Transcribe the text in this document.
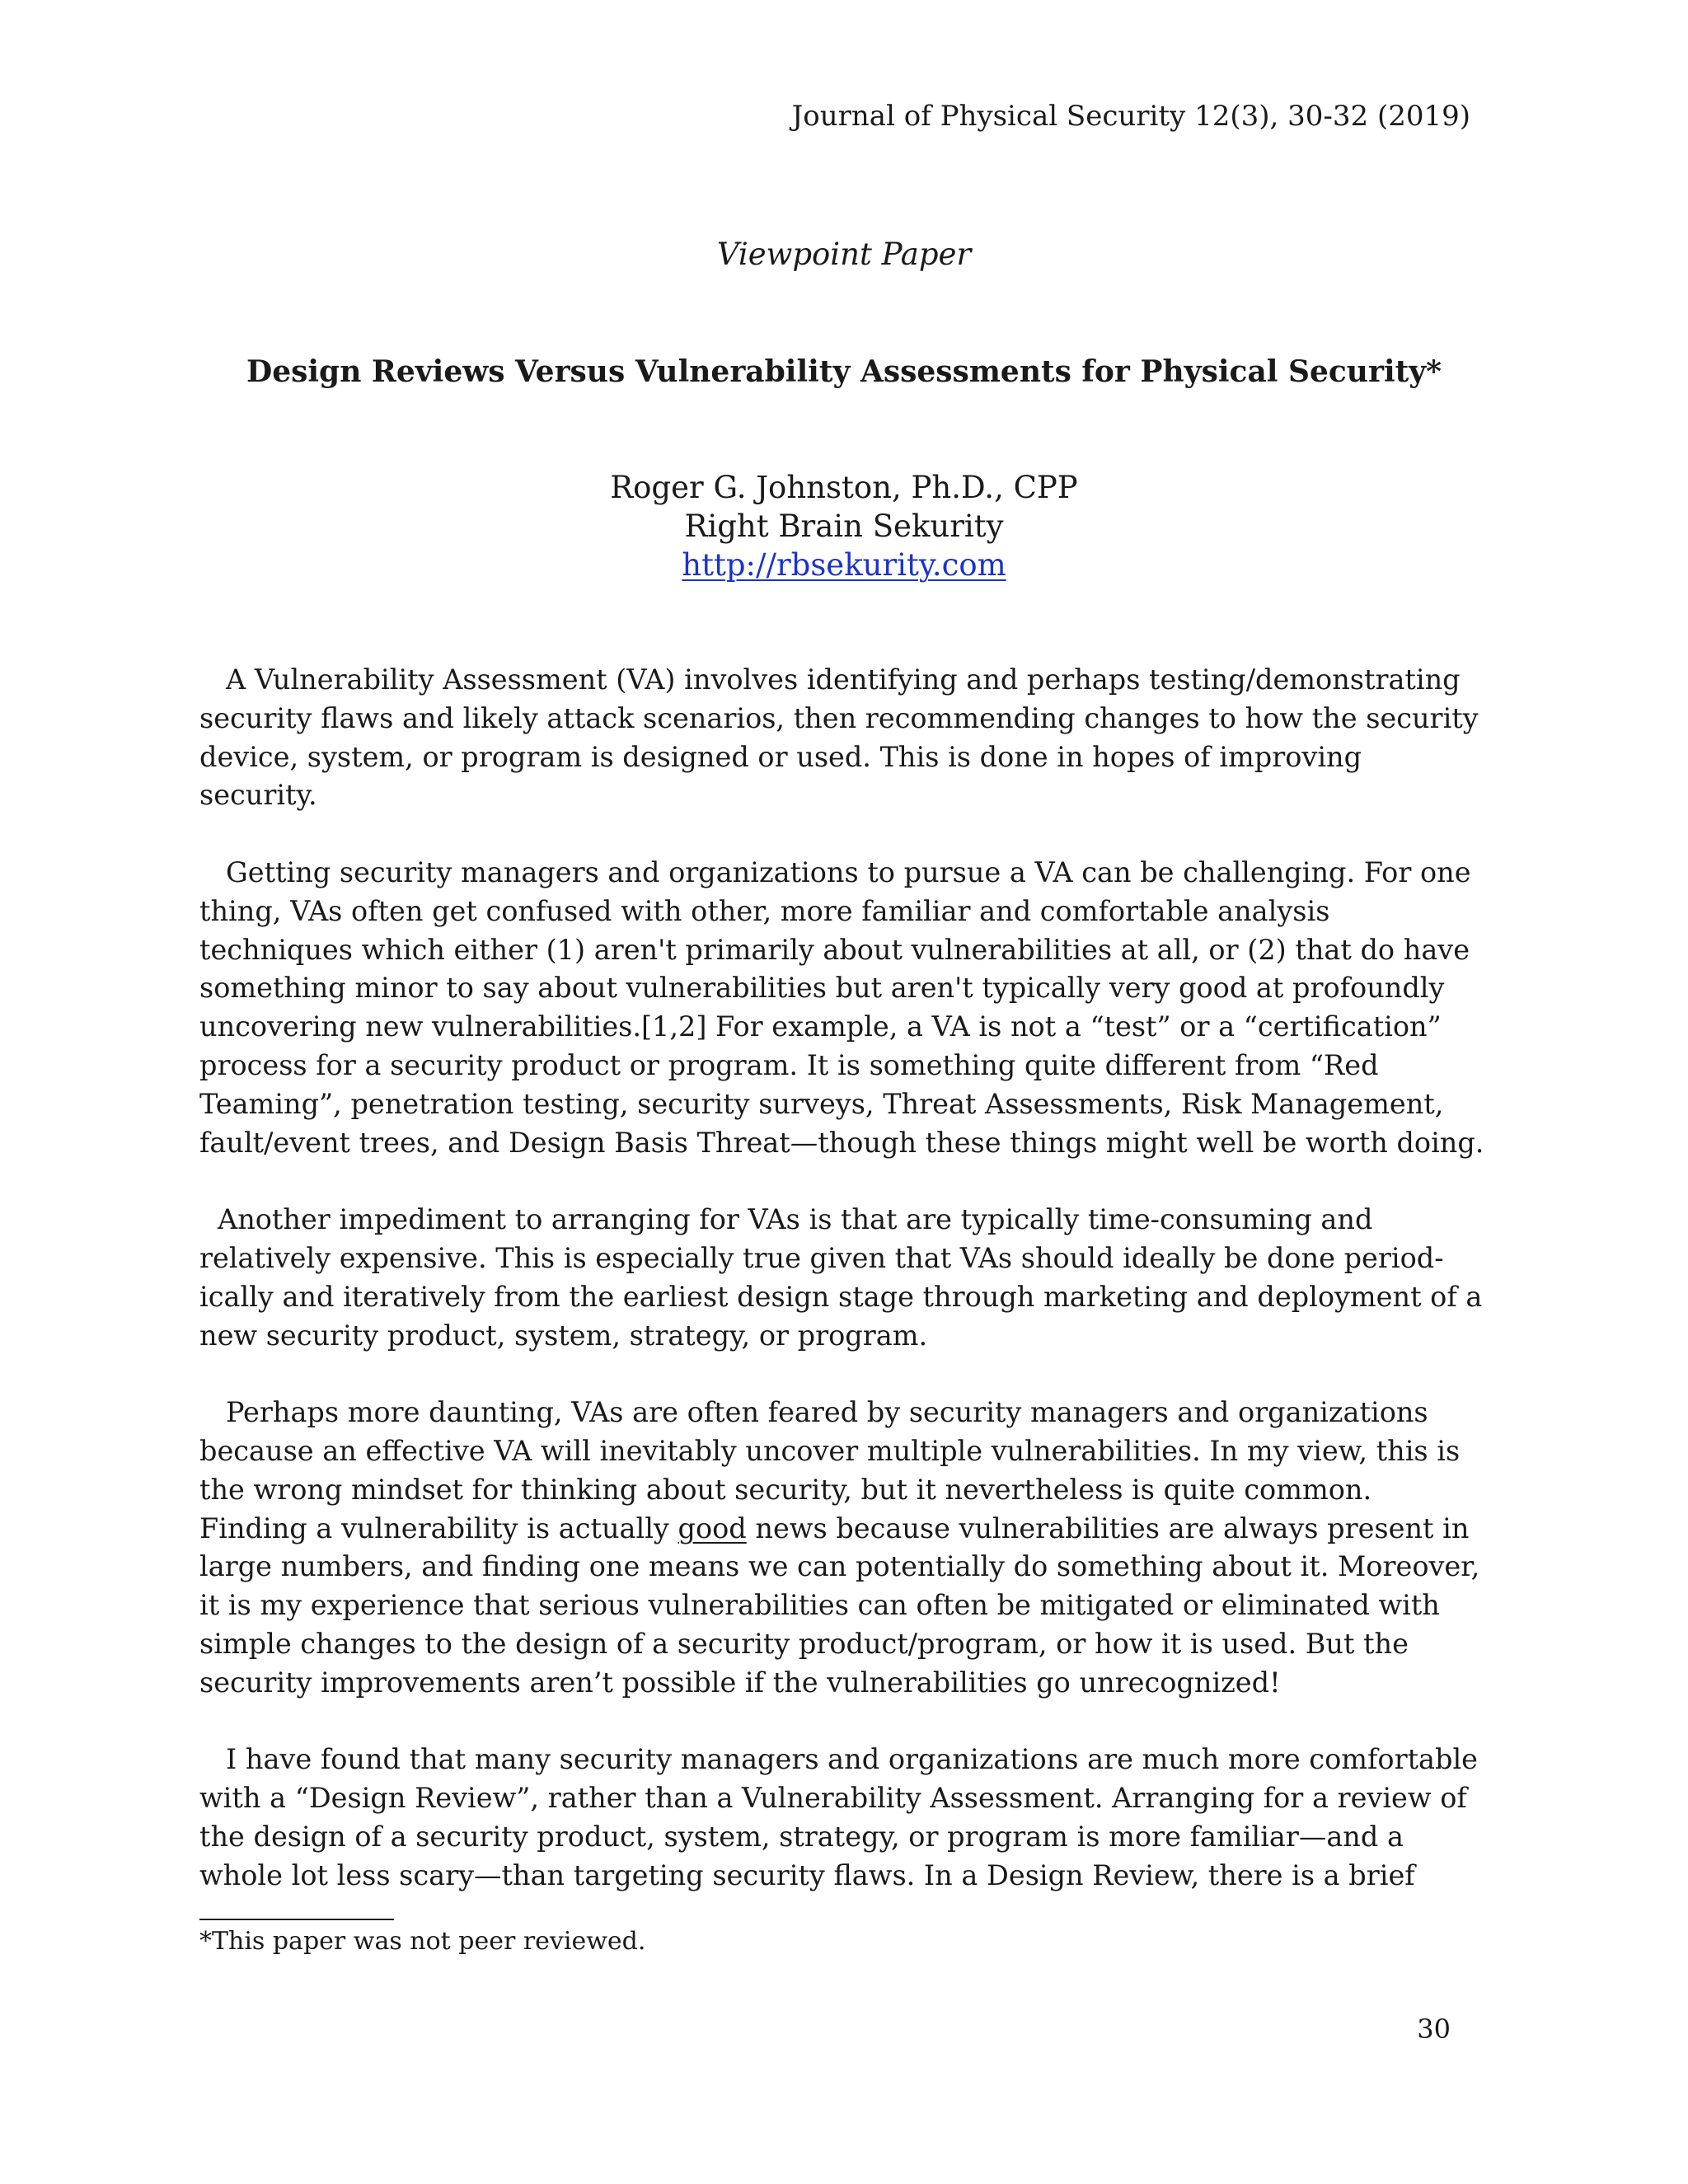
Journal of Physical Security 12(3), 30-32 (2019)
Viewpoint Paper
Design Reviews Versus Vulnerability Assessments for Physical Security*
Roger G. Johnston, Ph.D., CPP
Right Brain Sekurity
http://rbsekurity.com
A Vulnerability Assessment (VA) involves identifying and perhaps testing/demonstrating
security flaws and likely attack scenarios, then recommending changes to how the security
device, system, or program is designed or used. This is done in hopes of improving
security.
Getting security managers and organizations to pursue a VA can be challenging. For one
thing, VAs often get confused with other, more familiar and comfortable analysis
techniques which either (1) aren't primarily about vulnerabilities at all, or (2) that do have
something minor to say about vulnerabilities but aren't typically very good at profoundly
uncovering new vulnerabilities.[1,2] For example, a VA is not a “test” or a “certification”
process for a security product or program. It is something quite different from “Red
Teaming”, penetration testing, security surveys, Threat Assessments, Risk Management,
fault/event trees, and Design Basis Threat—though these things might well be worth doing.
Another impediment to arranging for VAs is that are typically time-consuming and
relatively expensive. This is especially true given that VAs should ideally be done period-
ically and iteratively from the earliest design stage through marketing and deployment of a
new security product, system, strategy, or program.
Perhaps more daunting, VAs are often feared by security managers and organizations
because an effective VA will inevitably uncover multiple vulnerabilities. In my view, this is
the wrong mindset for thinking about security, but it nevertheless is quite common.
Finding a vulnerability is actually good news because vulnerabilities are always present in
large numbers, and finding one means we can potentially do something about it. Moreover,
it is my experience that serious vulnerabilities can often be mitigated or eliminated with
simple changes to the design of a security product/program, or how it is used. But the
security improvements aren’t possible if the vulnerabilities go unrecognized!
I have found that many security managers and organizations are much more comfortable
with a “Design Review”, rather than a Vulnerability Assessment. Arranging for a review of
the design of a security product, system, strategy, or program is more familiar—and a
whole lot less scary—than targeting security flaws. In a Design Review, there is a brief
*This paper was not peer reviewed.
30
